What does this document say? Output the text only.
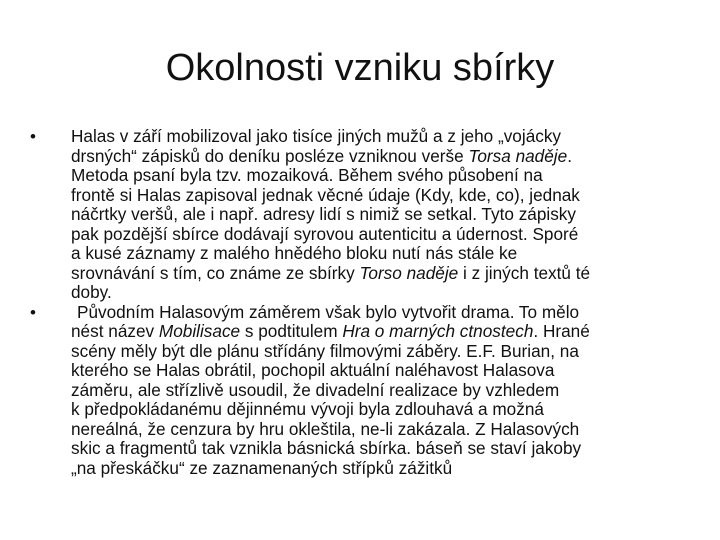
Okolnosti vzniku sbírky
• Halas v září mobilizoval jako tisíce jiných mužů a z jeho „vojácky
drsných“ zápisků do deníku posléze vzniknou verše Torsa naděje.
Metoda psaní byla tzv. mozaiková. Během svého působení na
frontě si Halas zapisoval jednak věcné údaje (Kdy, kde, co), jednak
náčrtky veršů, ale i např. adresy lidí s nimiž se setkal. Tyto zápisky
pak pozdější sbírce dodávají syrovou autenticitu a údernost. Sporé
a kusé záznamy z malého hnědého bloku nutí nás stále ke
srovnávání s tím, co známe ze sbírky Torso naděje i z jiných textů té
doby.
•	Původním Halasovým záměrem však bylo vytvořit drama. To mělo
nést název Mobilisace s podtitulem Hra o marných ctnostech. Hrané
scény měly být dle plánu střídány filmovými záběry. E.F. Burian, na
kterého se Halas obrátil, pochopil aktuální naléhavost Halasova
záměru, ale střízlivě usoudil, že divadelní realizace by vzhledem
k předpokládanému dějinnému vývoji byla zdlouhavá a možná
nereálná, že cenzura by hru okleštila, ne-li zakázala. Z Halasových
skic a fragmentů tak vznikla básnická sbírka. báseň se staví jakoby
„na přeskáčku“ ze zaznamenaných střípků zážitků
